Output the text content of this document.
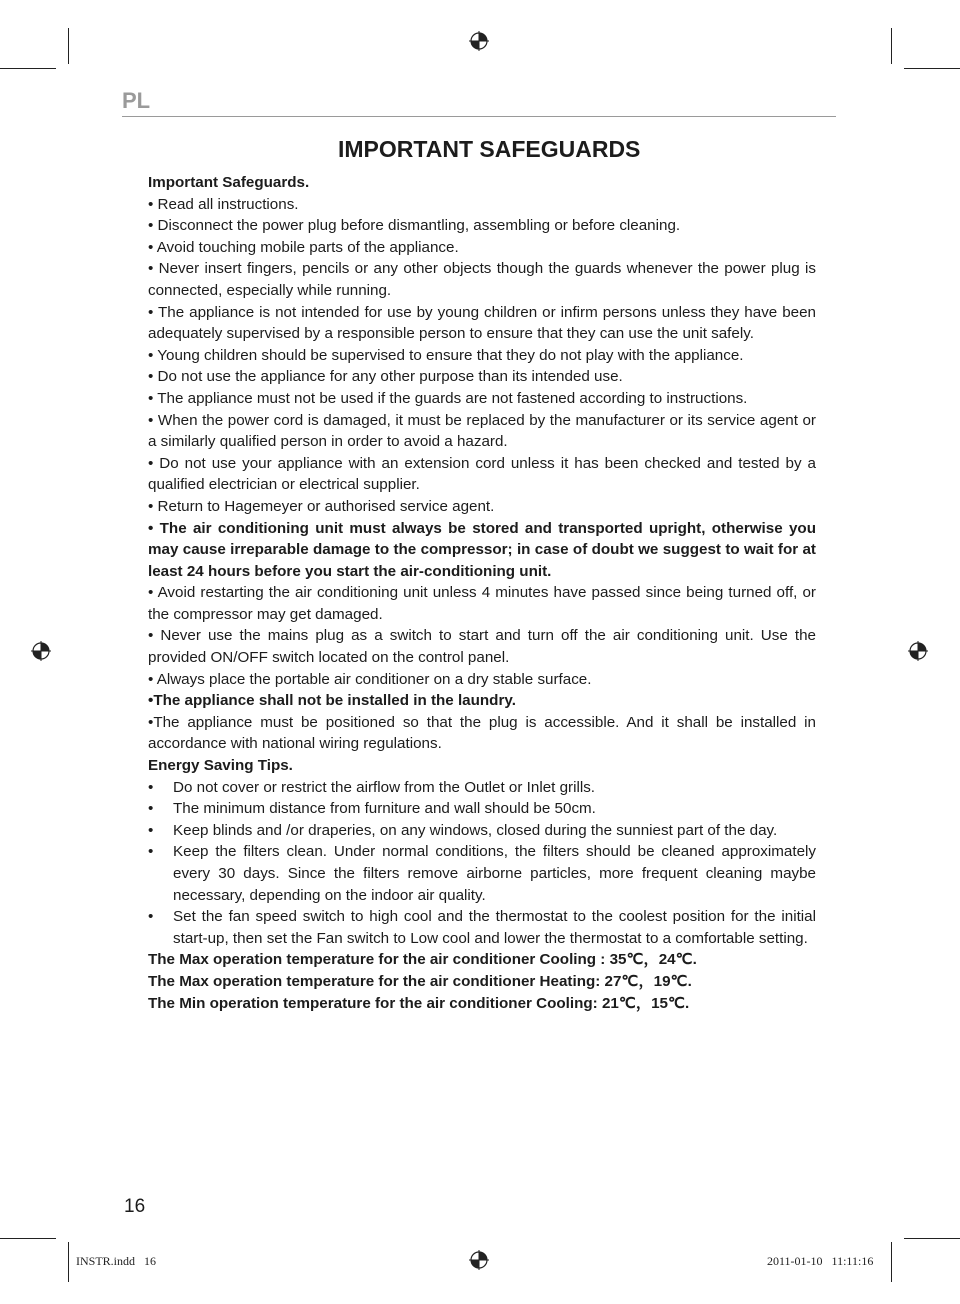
PL
IMPORTANT SAFEGUARDS

Important Safeguards.

• Read all instructions.

• Disconnect the power plug before dismantling, assembling or before cleaning.

• Avoid touching mobile parts of the appliance.

• Never insert fingers, pencils or any other objects though the guards whenever the power plug is connected, especially while running.

• The appliance is not intended for use by young children or infirm persons unless they have been adequately supervised by a responsible person to ensure that they can use the unit safely.

• Young children should be supervised to ensure that they do not play with the appliance.

• Do not use the appliance for any other purpose than its intended use.

• The appliance must not be used if the guards are not fastened according to instructions.

• When the power cord is damaged, it must be replaced by the manufacturer or its service agent or a similarly qualified person in order to avoid a hazard.

• Do not use your appliance with an extension cord unless it has been checked and tested by a qualified electrician or electrical supplier.

• Return to Hagemeyer or authorised service agent.

• The air conditioning unit must always be stored and transported upright, otherwise you may cause irreparable damage to the compressor; in case of doubt we suggest to wait for at least 24 hours before you start the air-conditioning unit.

• Avoid restarting the air conditioning unit unless 4 minutes have passed since being turned off, or the compressor may get damaged.

• Never use the mains plug as a switch to start and turn off the air conditioning unit. Use the provided ON/OFF switch located on the control panel.

• Always place the portable air conditioner on a dry stable surface.

•The appliance shall not be installed in the laundry.

•The appliance must be positioned so that the plug is accessible. And it shall be installed in accordance with national wiring regulations.

Energy Saving Tips.

• Do not cover or restrict the airflow from the Outlet or Inlet grills.
• The minimum distance from furniture and wall should be 50cm.
• Keep blinds and /or draperies, on any windows, closed during the sunniest part of the day.
• Keep the filters clean. Under normal conditions, the filters should be cleaned approximately every 30 days. Since the filters remove airborne particles, more frequent cleaning maybe necessary, depending on the indoor air quality.
• Set the fan speed switch to high cool and the thermostat to the coolest position for the initial start-up, then set the Fan switch to Low cool and lower the thermostat to a comfortable setting.

The Max operation temperature for the air conditioner Cooling : 35℃，24℃.

The Max operation temperature for the air conditioner Heating: 27℃，19℃.

The Min operation temperature for the air conditioner Cooling: 21℃，15℃.

16
INSTR.indd   16	2011-01-10   11:11:16
